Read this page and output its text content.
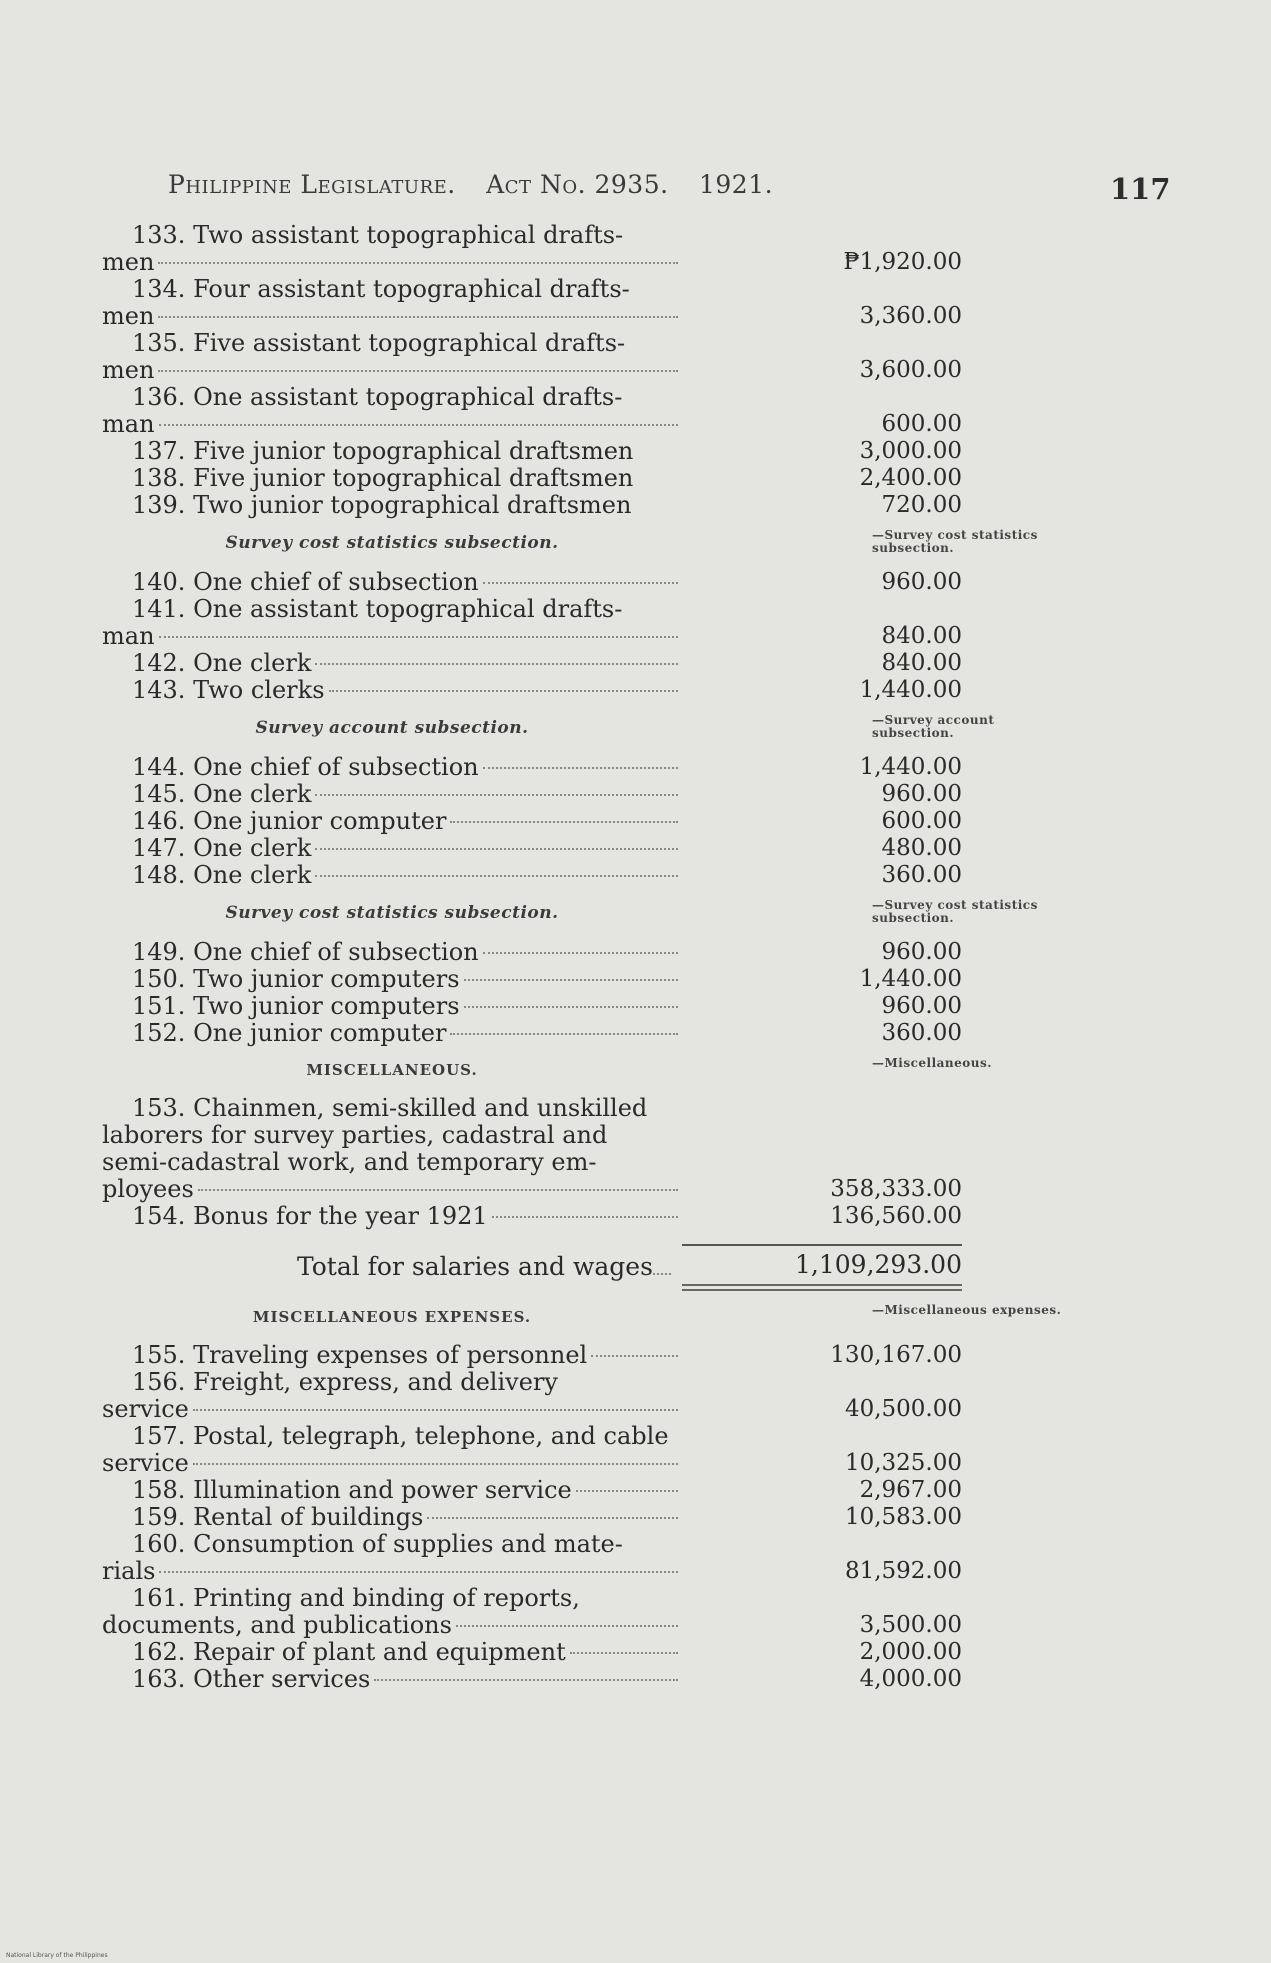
Philippine Legislature. Act No. 2935. 1921.	117
133. Two assistant topographical drafts-
men	₱1,920.00
134. Four assistant topographical drafts-
men	3,360.00
135. Five assistant topographical drafts-
men	3,600.00
136. One assistant topographical drafts-
man	600.00
137. Five junior topographical draftsmen	3,000.00
138. Five junior topographical draftsmen	2,400.00
139. Two junior topographical draftsmen	720.00
Survey cost statistics subsection.	—Survey cost statistics subsection.
140. One chief of subsection	960.00
141. One assistant topographical drafts-
man	840.00
142. One clerk	840.00
143. Two clerks	1,440.00
Survey account subsection.	—Survey account subsection.
144. One chief of subsection	1,440.00
145. One clerk	960.00
146. One junior computer	600.00
147. One clerk	480.00
148. One clerk	360.00
Survey cost statistics subsection.	—Survey cost statistics subsection.
149. One chief of subsection	960.00
150. Two junior computers	1,440.00
151. Two junior computers	960.00
152. One junior computer	360.00
MISCELLANEOUS.	—Miscellaneous.
153. Chainmen, semi-skilled and unskilled
laborers for survey parties, cadastral and
semi-cadastral work, and temporary em-
ployees	358,333.00
154. Bonus for the year 1921	136,560.00
Total for salaries and wages	1,109,293.00
MISCELLANEOUS EXPENSES.	—Miscellaneous expenses.
155. Traveling expenses of personnel	130,167.00
156. Freight, express, and delivery
service	40,500.00
157. Postal, telegraph, telephone, and cable
service	10,325.00
158. Illumination and power service	2,967.00
159. Rental of buildings	10,583.00
160. Consumption of supplies and mate-
rials	81,592.00
161. Printing and binding of reports,
documents, and publications	3,500.00
162. Repair of plant and equipment	2,000.00
163. Other services	4,000.00
National Library of the Philippines
